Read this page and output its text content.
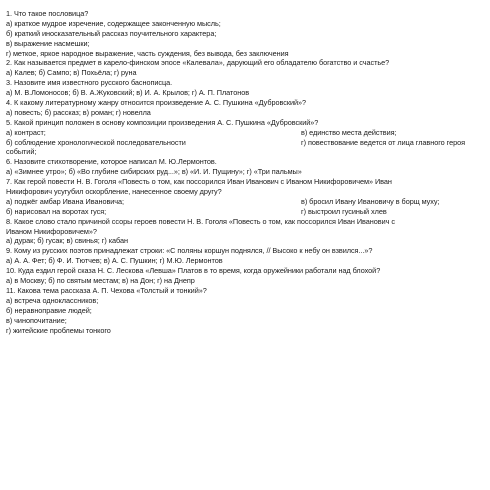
1. Что такое пословица?
а) краткое мудрое изречение, содержащее законченную мысль;
б) краткий иносказательный рассказ поучительного характера;
в) выражение насмешки;
г) меткое, яркое народное выражение, часть суждения, без вывода, без заключения
2. Как называется предмет в карело-финском эпосе «Калевала», дарующий его обладателю богатство и счастье?
а) Калев; б) Сампо; в) Похьёла; г) руна
3. Назовите имя известного русского баснописца.
а) М. В.Ломоносов; б) В. А.Жуковский; в) И. А. Крылов; г) А. П. Платонов
4. К какому литературному жанру относится произведение А. С. Пушкина «Дубровский»?
а) повесть; б) рассказ; в) роман; г) новелла
5. Какой принцип положен в основу композиции произведения А. С. Пушкина «Дубровский»?
а) контраст;	в) единство места действия;
б) соблюдение хронологической последовательности	г) повествование ведется от лица главного героя
событий;
6. Назовите стихотворение, которое написал М. Ю.Лермонтов.
а) «Зимнее утро»; б) «Во глубине сибирских руд...»; в) «И. И. Пущину»; г) «Три пальмы»
7. Как герой повести Н. В. Гоголя «Повесть о том, как поссорился Иван Иванович с Иваном Никифоровичем» Иван
Никифорович усугубил оскорбление, нанесенное своему другу?
а) поджёг амбар Ивана Ивановича;	в) бросил Ивану Ивановичу в борщ муху;
б) нарисовал на воротах гуся;	г) выстроил гусиный хлев
8. Какое слово стало причиной ссоры героев повести Н. В. Гоголя «Повесть о том, как поссорился Иван Иванович с
Иваном Никифоровичем»?
а) дурак; б) гусак; в) свинья; г) кабан
9. Кому из русских поэтов принадлежат строки: «С поляны коршун поднялся, // Высоко к небу он взвился...»?
а) А. А. Фет; б) Ф. И. Тютчев; в) А. С. Пушкин; г) М.Ю. Лермонтов
10. Куда ездил герой сказа Н. С. Лескова «Левша» Платов в то время, когда оружейники работали над блохой?
а) в Москву; б) по святым местам; в) на Дон; г) на Днепр
11. Какова тема рассказа А. П. Чехова «Толстый и тонкий»?
а) встреча одноклассников;
б) неравноправие людей;
в) чинопочитание;
г) житейские проблемы тонкого
